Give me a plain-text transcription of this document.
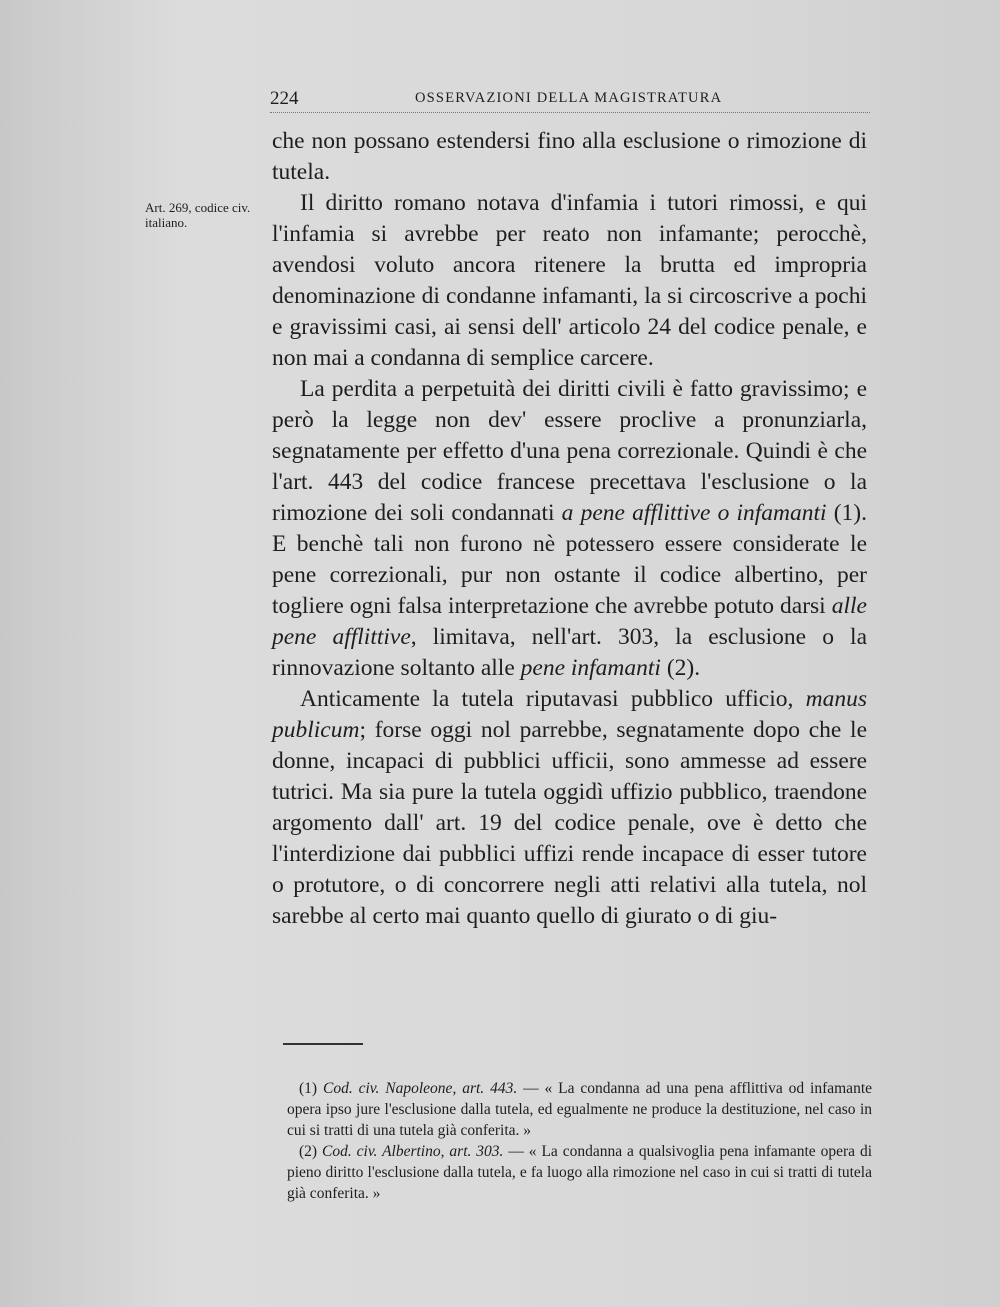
224	OSSERVAZIONI DELLA MAGISTRATURA
Art. 269, codice civ. italiano.

che non possano estendersi fino alla esclusione o rimozione di tutela.

Il diritto romano notava d'infamia i tutori rimossi, e qui l'infamia si avrebbe per reato non infamante; perocchè, avendosi voluto ancora ritenere la brutta ed impropria denominazione di condanne infamanti, la si circoscrive a pochi e gravissimi casi, ai sensi dell' articolo 24 del codice penale, e non mai a condanna di semplice carcere.

La perdita a perpetuità dei diritti civili è fatto gravissimo; e però la legge non dev' essere proclive a pronunziarla, segnatamente per effetto d'una pena correzionale. Quindi è che l'art. 443 del codice francese precettava l'esclusione o la rimozione dei soli condannati a pene afflittive o infamanti (1). E benchè tali non furono nè potessero essere considerate le pene correzionali, pur non ostante il codice albertino, per togliere ogni falsa interpretazione che avrebbe potuto darsi alle pene afflittive, limitava, nell'art. 303, la esclusione o la rinnovazione soltanto alle pene infamanti (2).

Anticamente la tutela riputavasi pubblico ufficio, manus publicum; forse oggi nol parrebbe, segnatamente dopo che le donne, incapaci di pubblici ufficii, sono ammesse ad essere tutrici. Ma sia pure la tutela oggidì uffizio pubblico, traendone argomento dall' art. 19 del codice penale, ove è detto che l'interdizione dai pubblici uffizi rende incapace di esser tutore o protutore, o di concorrere negli atti relativi alla tutela, nol sarebbe al certo mai quanto quello di giurato o di giu-

(1) Cod. civ. Napoleone, art. 443. — « La condanna ad una pena afflittiva od infamante opera ipso jure l'esclusione dalla tutela, ed egualmente ne produce la destituzione, nel caso in cui si tratti di una tutela già conferita. »

(2) Cod. civ. Albertino, art. 303. — « La condanna a qualsivoglia pena infamante opera di pieno diritto l'esclusione dalla tutela, e fa luogo alla rimozione nel caso in cui si tratti di tutela già conferita. »
